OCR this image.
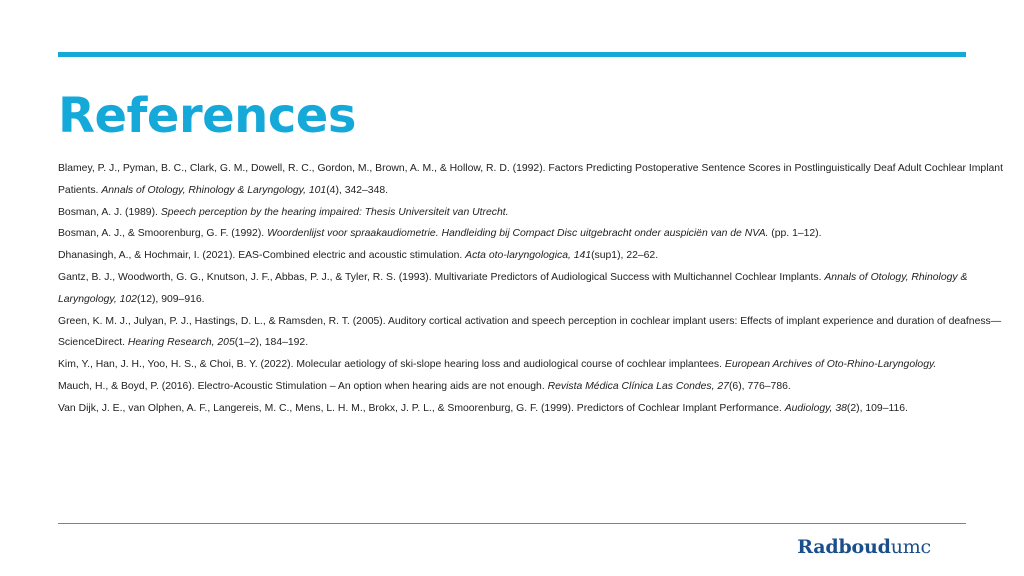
References
Blamey, P. J., Pyman, B. C., Clark, G. M., Dowell, R. C., Gordon, M., Brown, A. M., & Hollow, R. D. (1992). Factors Predicting Postoperative Sentence Scores in Postlinguistically Deaf Adult Cochlear Implant Patients. Annals of Otology, Rhinology & Laryngology, 101(4), 342–348.
Bosman, A. J. (1989). Speech perception by the hearing impaired: Thesis Universiteit van Utrecht.
Bosman, A. J., & Smoorenburg, G. F. (1992). Woordenlijst voor spraakaudiometrie. Handleiding bij Compact Disc uitgebracht onder auspiciën van de NVA. (pp. 1–12).
Dhanasingh, A., & Hochmair, I. (2021). EAS-Combined electric and acoustic stimulation. Acta oto-laryngologica, 141(sup1), 22–62.
Gantz, B. J., Woodworth, G. G., Knutson, J. F., Abbas, P. J., & Tyler, R. S. (1993). Multivariate Predictors of Audiological Success with Multichannel Cochlear Implants. Annals of Otology, Rhinology & Laryngology, 102(12), 909–916.
Green, K. M. J., Julyan, P. J., Hastings, D. L., & Ramsden, R. T. (2005). Auditory cortical activation and speech perception in cochlear implant users: Effects of implant experience and duration of deafness—ScienceDirect. Hearing Research, 205(1–2), 184–192.
Kim, Y., Han, J. H., Yoo, H. S., & Choi, B. Y. (2022). Molecular aetiology of ski-slope hearing loss and audiological course of cochlear implantees. European Archives of Oto-Rhino-Laryngology.
Mauch, H., & Boyd, P. (2016). Electro-Acoustic Stimulation – An option when hearing aids are not enough. Revista Médica Clínica Las Condes, 27(6), 776–786.
Van Dijk, J. E., van Olphen, A. F., Langereis, M. C., Mens, L. H. M., Brokx, J. P. L., & Smoorenburg, G. F. (1999). Predictors of Cochlear Implant Performance. Audiology, 38(2), 109–116.
Radboudumc
